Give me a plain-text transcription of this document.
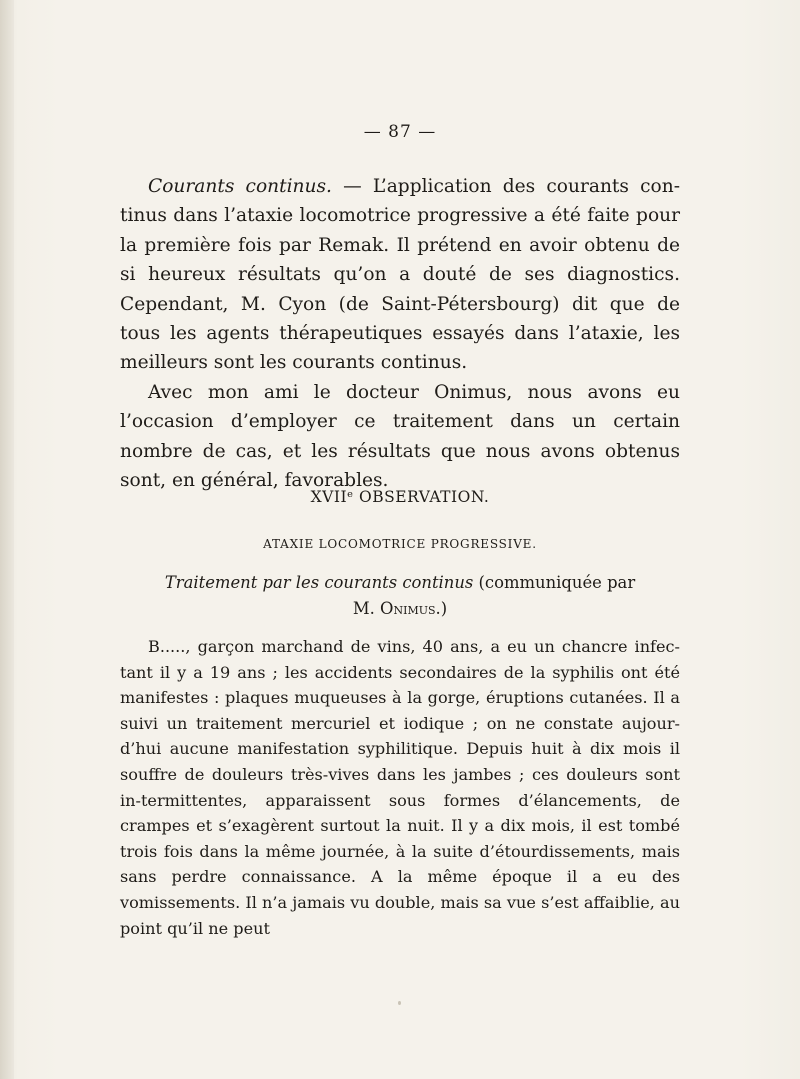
— 87 —

Courants continus. — L’application des courants con-tinus dans l’ataxie locomotrice progressive a été faite pour la première fois par Remak. Il prétend en avoir obtenu de si heureux résultats qu’on a douté de ses diagnostics. Cependant, M. Cyon (de Saint-Pétersbourg) dit que de tous les agents thérapeutiques essayés dans l’ataxie, les meilleurs sont les courants continus.

Avec mon ami le docteur Onimus, nous avons eu l’occasion d’employer ce traitement dans un certain nombre de cas, et les résultats que nous avons obtenus sont, en général, favorables.

XVIIᵉ OBSERVATION.
ATAXIE LOCOMOTRICE PROGRESSIVE.
Traitement par les courants continus (communiquée par
M. Onimus.)

B....., garçon marchand de vins, 40 ans, a eu un chancre infec-tant il y a 19 ans ; les accidents secondaires de la syphilis ont été manifestes : plaques muqueuses à la gorge, éruptions cutanées. Il a suivi un traitement mercuriel et iodique ; on ne constate aujour-d’hui aucune manifestation syphilitique. Depuis huit à dix mois il souffre de douleurs très-vives dans les jambes ; ces douleurs sont in-termittentes, apparaissent sous formes d’élancements, de crampes et s’exagèrent surtout la nuit. Il y a dix mois, il est tombé trois fois dans la même journée, à la suite d’étourdissements, mais sans perdre connaissance. A la même époque il a eu des vomissements. Il n’a jamais vu double, mais sa vue s’est affaiblie, au point qu’il ne peut
